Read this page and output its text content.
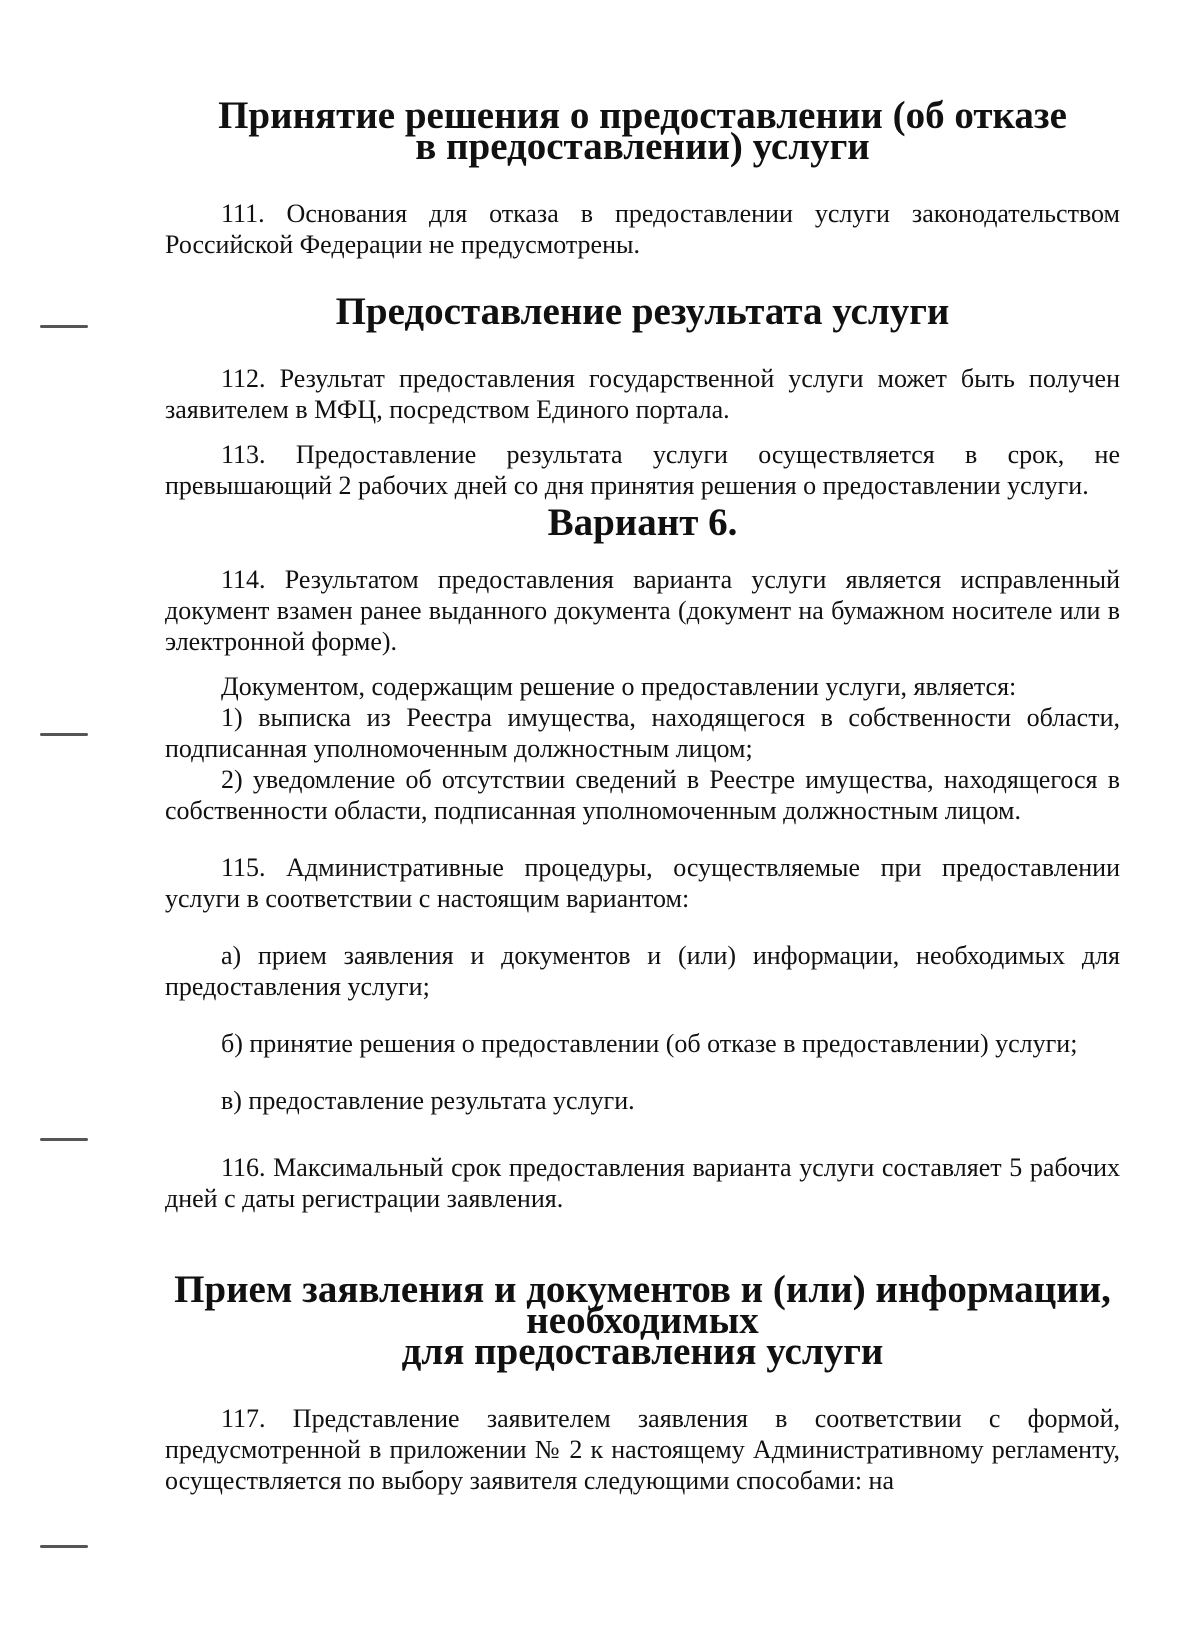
Принятие решения о предоставлении (об отказе
в предоставлении) услуги

111. Основания для отказа в предоставлении услуги законодательством Российской Федерации не предусмотрены.

Предоставление результата услуги

112. Результат предоставления государственной услуги может быть получен заявителем в МФЦ, посредством Единого портала.

113. Предоставление результата услуги осуществляется в срок, не превышающий 2 рабочих дней со дня принятия решения о предоставлении услуги.

Вариант 6.

114. Результатом предоставления варианта услуги является исправленный документ взамен ранее выданного документа (документ на бумажном носителе или в электронной форме).

Документом, содержащим решение о предоставлении услуги, является:

1) выписка из Реестра имущества, находящегося в собственности области, подписанная уполномоченным должностным лицом;

2) уведомление об отсутствии сведений в Реестре имущества, находящегося в собственности области, подписанная уполномоченным должностным лицом.

115. Административные процедуры, осуществляемые при предоставлении услуги в соответствии с настоящим вариантом:

а) прием заявления и документов и (или) информации, необходимых для предоставления услуги;

б) принятие решения о предоставлении (об отказе в предоставлении) услуги;

в) предоставление результата услуги.

116. Максимальный срок предоставления варианта услуги составляет 5 рабочих дней с даты регистрации заявления.

Прием заявления и документов и (или) информации, необходимых
для предоставления услуги

117. Представление заявителем заявления в соответствии с формой, предусмотренной в приложении № 2 к настоящему Административному регламенту, осуществляется по выбору заявителя следующими способами: на
